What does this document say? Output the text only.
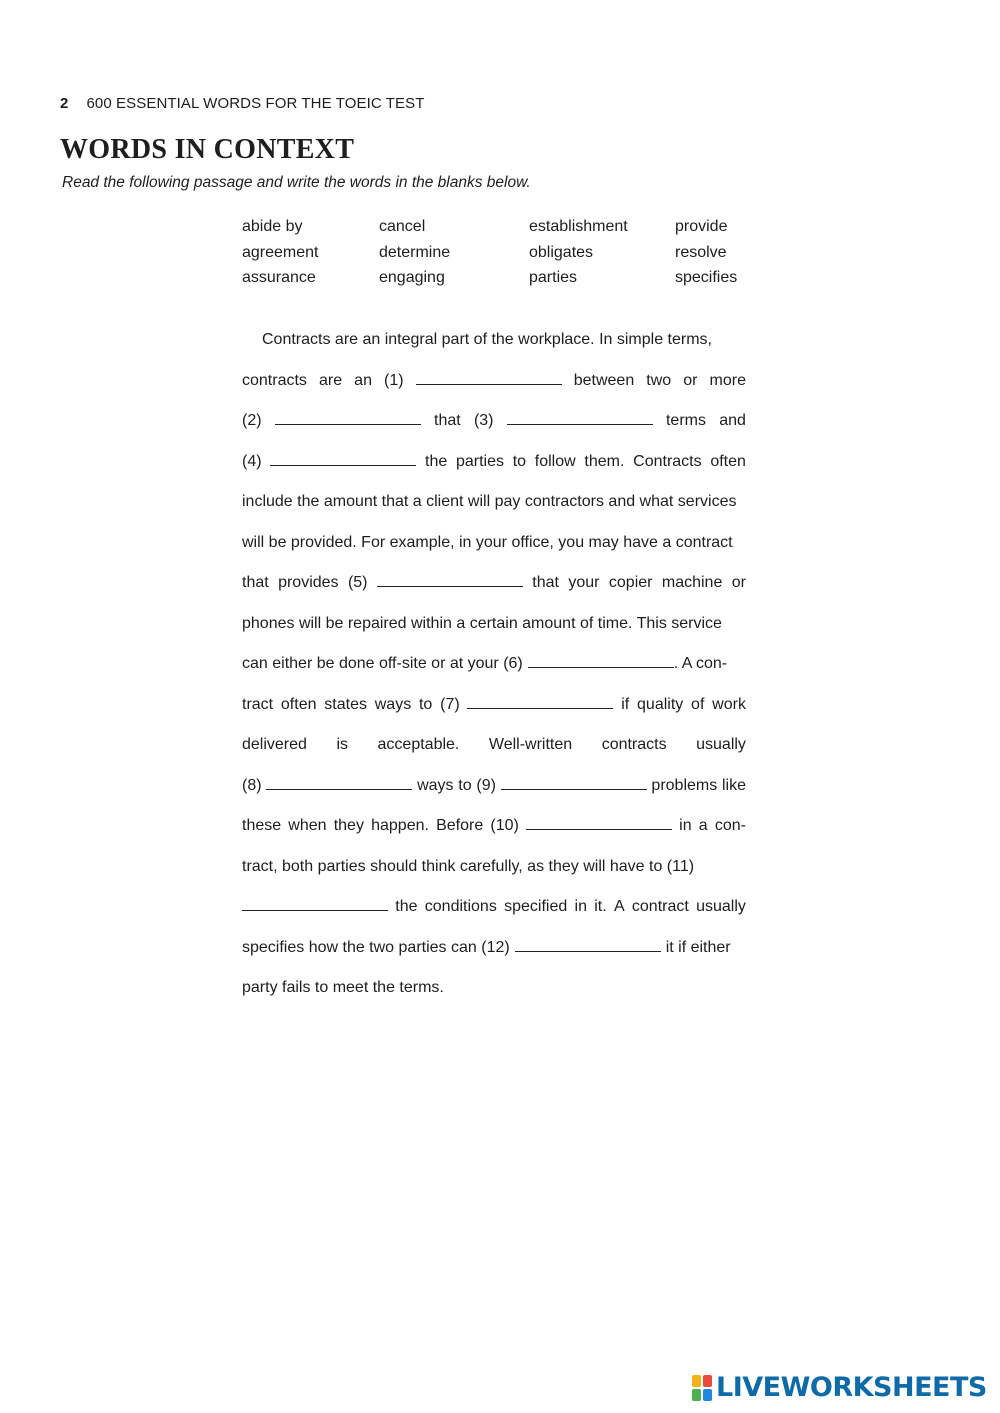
2 600 ESSENTIAL WORDS FOR THE TOEIC TEST
WORDS IN CONTEXT
Read the following passage and write the words in the blanks below.
abide by	cancel	establishment	provide
agreement	determine	obligates	resolve
assurance	engaging	parties	specifies
Contracts are an integral part of the workplace. In simple terms,
contracts are an (1)	between two or more
(2)	that (3)	terms and
(4)	the parties to follow them. Contracts often
include the amount that a client will pay contractors and what services
will be provided. For example, in your office, you may have a contract
that provides (5)	that your copier machine or
phones will be repaired within a certain amount of time. This service
can either be done off-site or at your (6)	. A con-
tract often states ways to (7)	if quality of work
delivered is acceptable. Well-written contracts usually
(8)	ways to (9)	problems like
these when they happen. Before (10)	in a con-
tract, both parties should think carefully, as they will have to (11)
the conditions specified in it. A contract usually
specifies how the two parties can (12)	it if either
party fails to meet the terms.
LIVEWORKSHEETS
